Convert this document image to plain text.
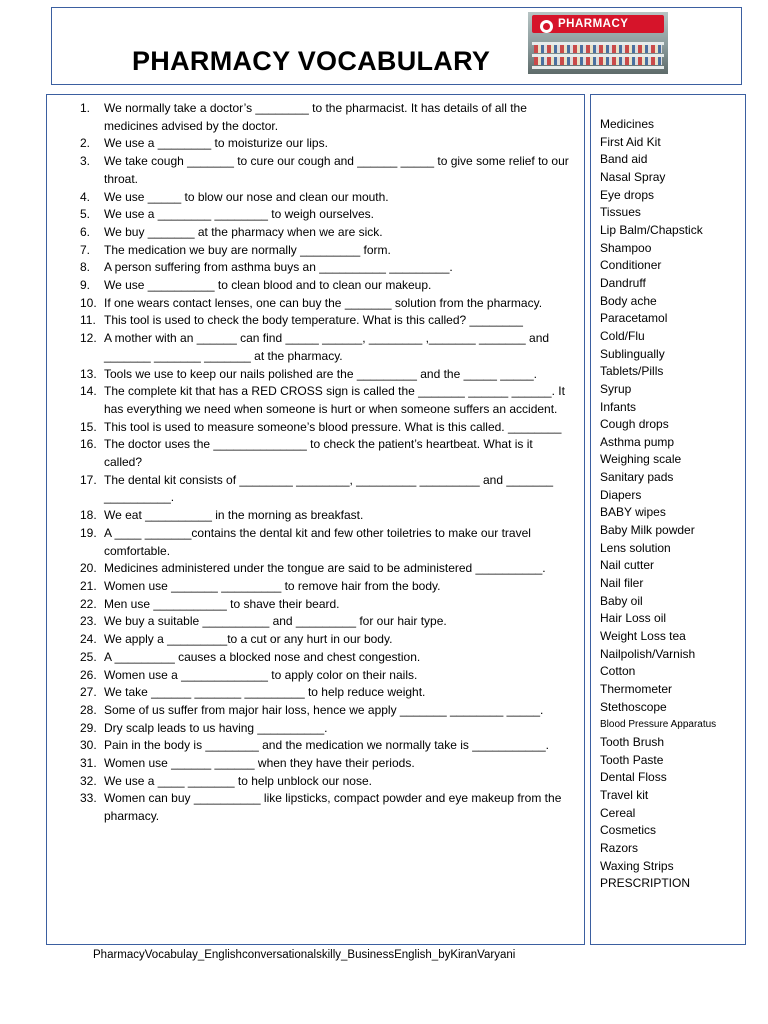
PHARMACY VOCABULARY
PHARMACY
1. We normally take a doctor’s ________ to the pharmacist. It has details of all the medicines advised by the doctor.
2. We use a ________ to moisturize our lips.
3. We take cough _______ to cure our cough and ______ _____ to give some relief to our throat.
4. We use _____ to blow our nose and clean our mouth.
5. We use a ________ ________ to weigh ourselves.
6. We buy _______ at the pharmacy when we are sick.
7. The medication we buy are normally _________ form.
8. A person suffering from asthma buys an __________ _________.
9. We use __________ to clean blood and to clean our makeup.
10. If one wears contact lenses, one can buy the _______ solution from the pharmacy.
11. This tool is used to check the body temperature. What is this called? ________
12. A mother with an ______ can find _____ ______, ________ ,_______ _______ and _______ _______ _______ at the pharmacy.
13. Tools we use to keep our nails polished are the _________ and the _____ _____.
14. The complete kit that has a RED CROSS sign is called the _______ ______ ______. It has everything we need when someone is hurt or when someone suffers an accident.
15. This tool is used to measure someone’s blood pressure. What is this called. ________
16. The doctor uses the ______________ to check the patient’s heartbeat. What is it called?
17. The dental kit consists of ________ ________, _________ _________ and _______ __________.
18. We eat __________ in the morning as breakfast.
19. A ____ _______contains the dental kit and few other toiletries to make our travel comfortable.
20. Medicines administered under the tongue are said to be administered __________.
21. Women use _______ _________ to remove hair from the body.
22. Men use ___________ to shave their beard.
23. We buy a suitable __________ and _________ for our hair type.
24. We apply a _________to a cut or any hurt in our body.
25. A _________ causes a blocked nose and chest congestion.
26. Women use a _____________ to apply color on their nails.
27. We take ______ _______ _________ to help reduce weight.
28. Some of us suffer from major hair loss, hence we apply _______ ________ _____.
29. Dry scalp leads to us having __________.
30. Pain in the body is ________ and the medication we normally take is ___________.
31. Women use ______ ______ when they have their periods.
32. We use a ____ _______ to help unblock our nose.
33. Women can buy __________ like lipsticks, compact powder and eye makeup from the pharmacy.
Medicines
First Aid Kit
Band aid
Nasal Spray
Eye drops
Tissues
Lip Balm/Chapstick
Shampoo
Conditioner
Dandruff
Body ache
Paracetamol
Cold/Flu
Sublingually
Tablets/Pills
Syrup
Infants
Cough drops
Asthma pump
Weighing scale
Sanitary pads
Diapers
BABY wipes
Baby Milk powder
Lens solution
Nail cutter
Nail filer
Baby oil
Hair Loss oil
Weight Loss tea
Nailpolish/Varnish
Cotton
Thermometer
Stethoscope
Blood Pressure Apparatus
Tooth Brush
Tooth Paste
Dental Floss
Travel kit
Cereal
Cosmetics
Razors
Waxing Strips
PRESCRIPTION
PharmacyVocabulay_Englishconversationalskilly_BusinessEnglish_byKiranVaryani
